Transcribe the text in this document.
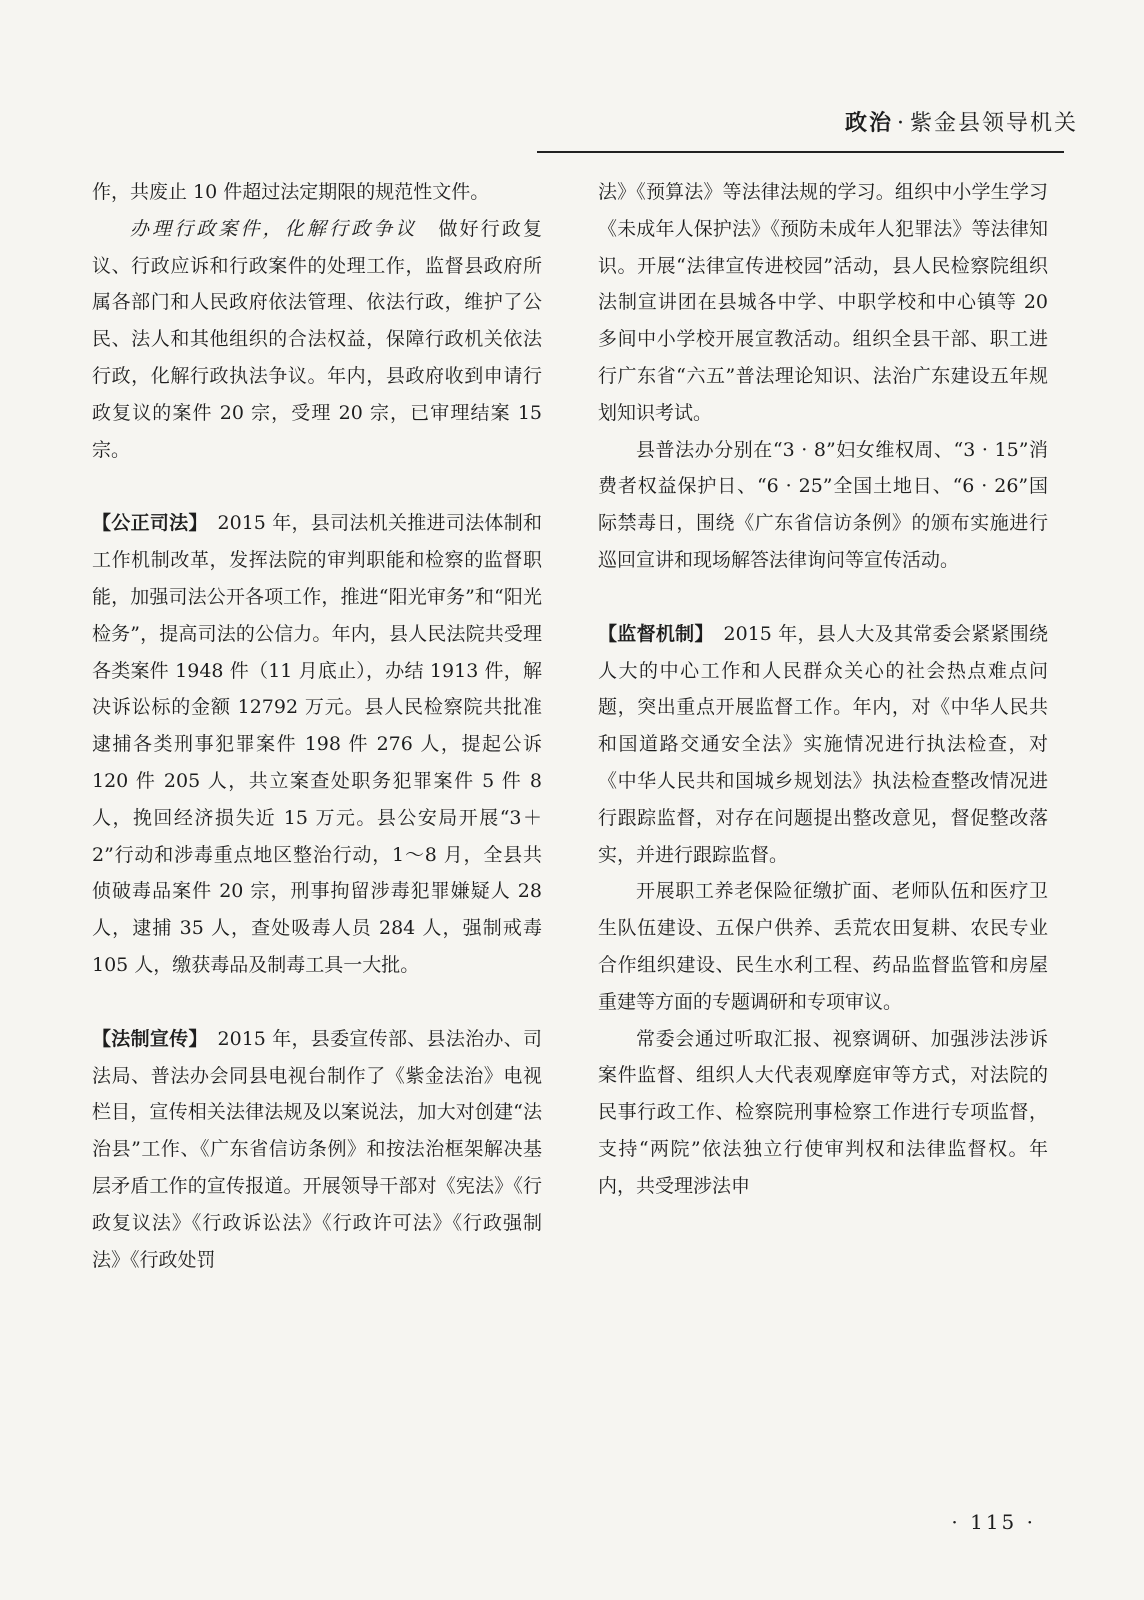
政治 · 紫金县领导机关

作，共废止 10 件超过法定期限的规范性文件。

办理行政案件，化解行政争议　做好行政复议、行政应诉和行政案件的处理工作，监督县政府所属各部门和人民政府依法管理、依法行政，维护了公民、法人和其他组织的合法权益，保障行政机关依法行政，化解行政执法争议。年内，县政府收到申请行政复议的案件 20 宗，受理 20 宗，已审理结案 15 宗。

【公正司法】　2015 年，县司法机关推进司法体制和工作机制改革，发挥法院的审判职能和检察的监督职能，加强司法公开各项工作，推进“阳光审务”和“阳光检务”，提高司法的公信力。年内，县人民法院共受理各类案件 1948 件（11 月底止），办结 1913 件，解决诉讼标的金额 12792 万元。县人民检察院共批准逮捕各类刑事犯罪案件 198 件 276 人，提起公诉 120 件 205 人，共立案查处职务犯罪案件 5 件 8 人，挽回经济损失近 15 万元。县公安局开展“3＋2”行动和涉毒重点地区整治行动，1～8 月，全县共侦破毒品案件 20 宗，刑事拘留涉毒犯罪嫌疑人 28 人，逮捕 35 人，查处吸毒人员 284 人，强制戒毒 105 人，缴获毒品及制毒工具一大批。

【法制宣传】　2015 年，县委宣传部、县法治办、司法局、普法办会同县电视台制作了《紫金法治》电视栏目，宣传相关法律法规及以案说法，加大对创建“法治县”工作、《广东省信访条例》和按法治框架解决基层矛盾工作的宣传报道。开展领导干部对《宪法》《行政复议法》《行政诉讼法》《行政许可法》《行政强制法》《行政处罚

法》《预算法》等法律法规的学习。组织中小学生学习《未成年人保护法》《预防未成年人犯罪法》等法律知识。开展“法律宣传进校园”活动，县人民检察院组织法制宣讲团在县城各中学、中职学校和中心镇等 20 多间中小学校开展宣教活动。组织全县干部、职工进行广东省“六五”普法理论知识、法治广东建设五年规划知识考试。

县普法办分别在“3 · 8”妇女维权周、“3 · 15”消费者权益保护日、“6 · 25”全国土地日、“6 · 26”国际禁毒日，围绕《广东省信访条例》的颁布实施进行巡回宣讲和现场解答法律询问等宣传活动。

【监督机制】　2015 年，县人大及其常委会紧紧围绕人大的中心工作和人民群众关心的社会热点难点问题，突出重点开展监督工作。年内，对《中华人民共和国道路交通安全法》实施情况进行执法检查，对《中华人民共和国城乡规划法》执法检查整改情况进行跟踪监督，对存在问题提出整改意见，督促整改落实，并进行跟踪监督。

开展职工养老保险征缴扩面、老师队伍和医疗卫生队伍建设、五保户供养、丢荒农田复耕、农民专业合作组织建设、民生水利工程、药品监督监管和房屋重建等方面的专题调研和专项审议。

常委会通过听取汇报、视察调研、加强涉法涉诉案件监督、组织人大代表观摩庭审等方式，对法院的民事行政工作、检察院刑事检察工作进行专项监督，支持“两院”依法独立行使审判权和法律监督权。年内，共受理涉法申

· 115 ·
